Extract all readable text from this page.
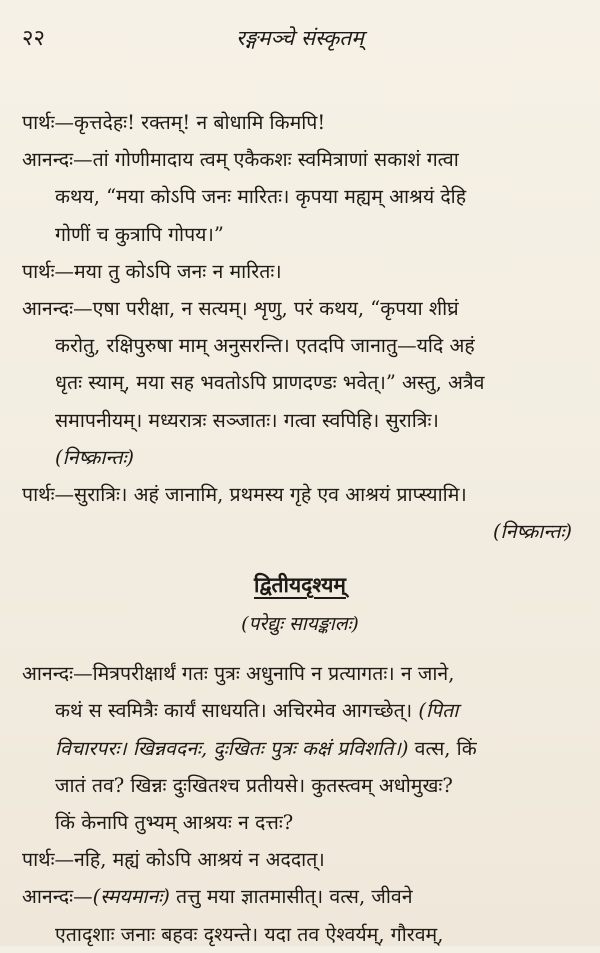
२२	रङ्गमञ्चे संस्कृतम्
पार्थः—कृत्तदेहः! रक्तम्! न बोधामि किमपि!
आनन्दः—तां गोणीमादाय त्वम् एकैकशः स्वमित्राणां सकाशं गत्वा
कथय, “मया कोऽपि जनः मारितः। कृपया मह्यम् आश्रयं देहि
गोणीं च कुत्रापि गोपय।”
पार्थः—मया तु कोऽपि जनः न मारितः।
आनन्दः—एषा परीक्षा, न सत्यम्। शृणु, परं कथय, “कृपया शीघ्रं
करोतु, रक्षिपुरुषा माम् अनुसरन्ति। एतदपि जानातु—यदि अहं
धृतः स्याम्, मया सह भवतोऽपि प्राणदण्डः भवेत्।” अस्तु, अत्रैव
समापनीयम्। मध्यरात्रः सञ्जातः। गत्वा स्वपिहि। सुरात्रिः।
(निष्क्रान्तः)
पार्थः—सुरात्रिः। अहं जानामि, प्रथमस्य गृहे एव आश्रयं प्राप्स्यामि।
(निष्क्रान्तः)
द्वितीयदृश्यम्
(परेद्युः सायङ्कालः)
आनन्दः—मित्रपरीक्षार्थं गतः पुत्रः अधुनापि न प्रत्यागतः। न जाने,
कथं स स्वमित्रैः कार्यं साधयति। अचिरमेव आगच्छेत्। (पिता
विचारपरः। खिन्नवदनः, दुःखितः पुत्रः कक्षं प्रविशति।) वत्स, किं
जातं तव? खिन्नः दुःखितश्च प्रतीयसे। कुतस्त्वम् अधोमुखः?
किं केनापि तुभ्यम् आश्रयः न दत्तः?
पार्थः—नहि, मह्यं कोऽपि आश्रयं न अददात्।
आनन्दः—(स्मयमानः) तत्तु मया ज्ञातमासीत्। वत्स, जीवने
एतादृशाः जनाः बहवः दृश्यन्ते। यदा तव ऐश्वर्यम्, गौरवम्,
